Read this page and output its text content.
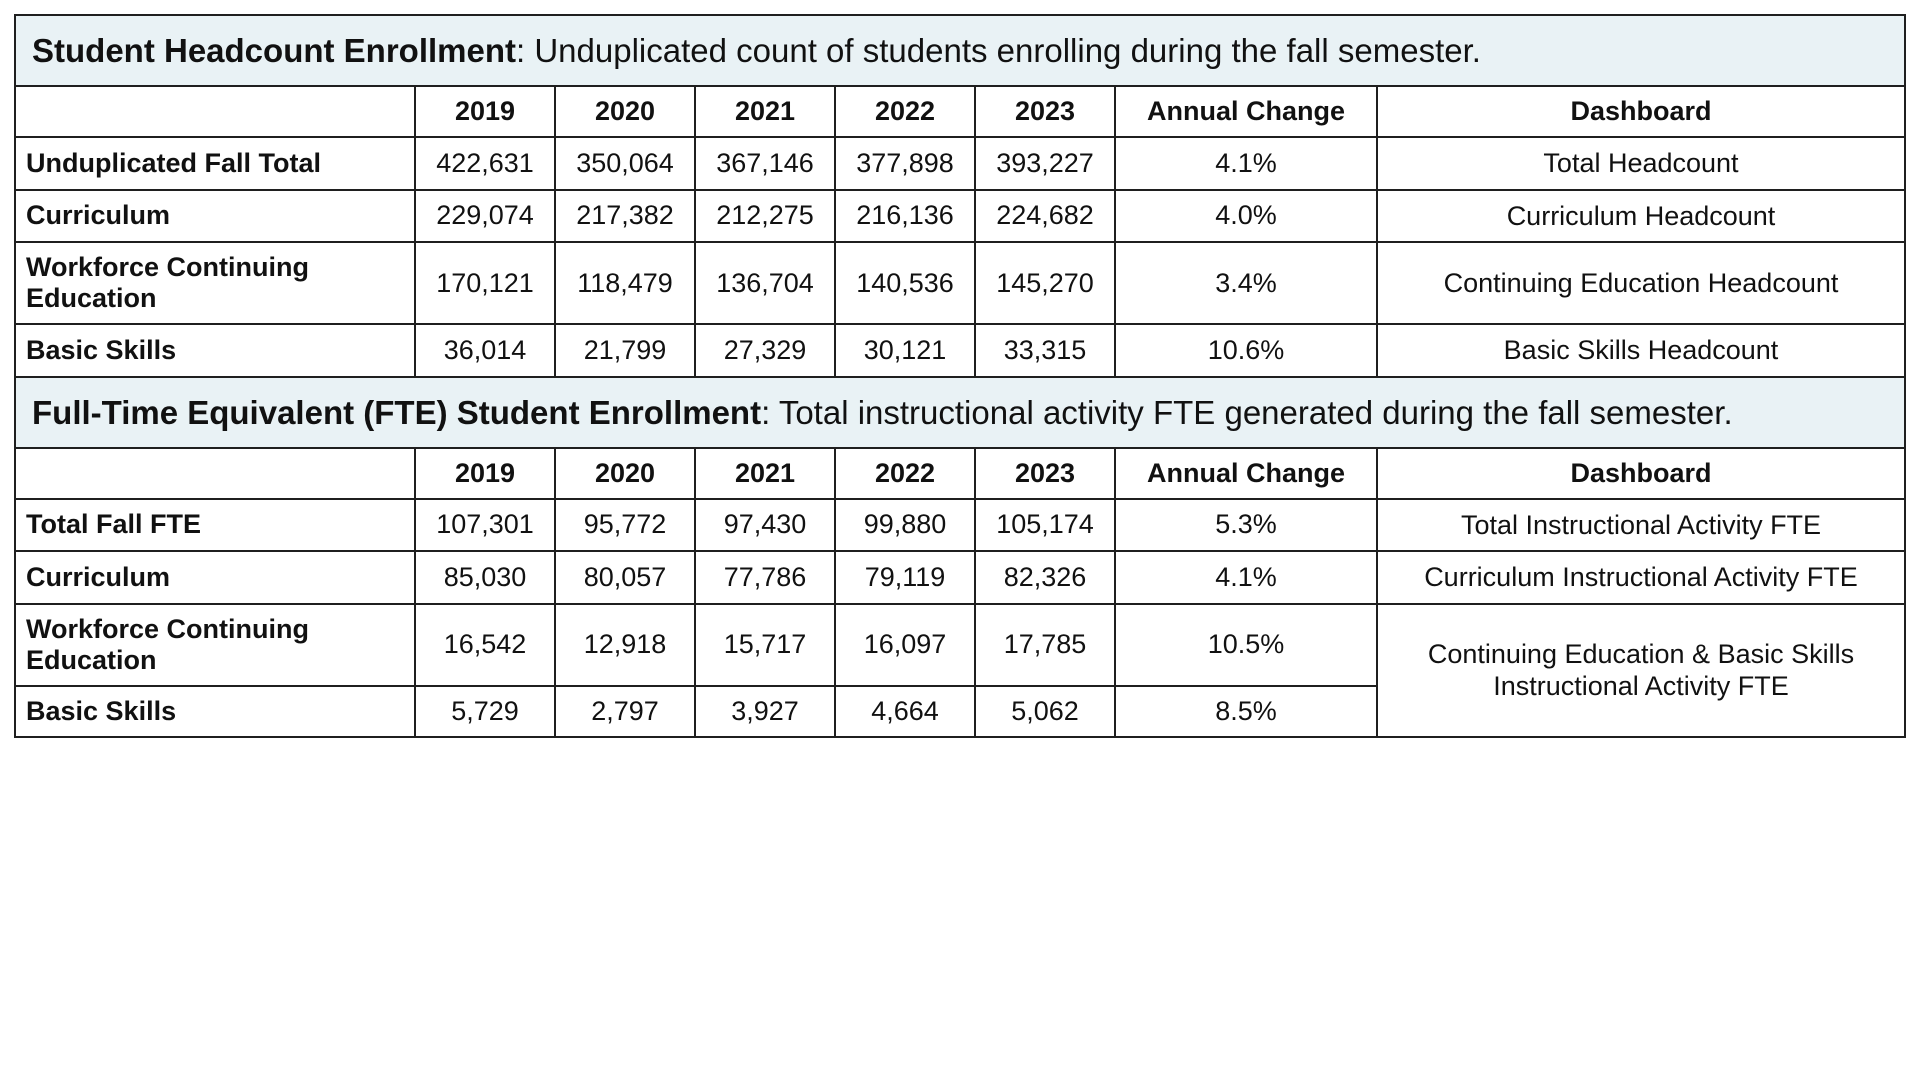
Student Headcount Enrollment: Unduplicated count of students enrolling during the fall semester.							
	2019	2020	2021	2022	2023	Annual Change	Dashboard
Unduplicated Fall Total	422,631	350,064	367,146	377,898	393,227	4.1%	Total Headcount
Curriculum	229,074	217,382	212,275	216,136	224,682	4.0%	Curriculum Headcount
Workforce Continuing Education	170,121	118,479	136,704	140,536	145,270	3.4%	Continuing Education Headcount
Basic Skills	36,014	21,799	27,329	30,121	33,315	10.6%	Basic Skills Headcount
Full-Time Equivalent (FTE) Student Enrollment: Total instructional activity FTE generated during the fall semester.							
	2019	2020	2021	2022	2023	Annual Change	Dashboard
Total Fall FTE	107,301	95,772	97,430	99,880	105,174	5.3%	Total Instructional Activity FTE
Curriculum	85,030	80,057	77,786	79,119	82,326	4.1%	Curriculum Instructional Activity FTE
Workforce Continuing Education	16,542	12,918	15,717	16,097	17,785	10.5%	Continuing Education & Basic Skills Instructional Activity FTE
Basic Skills	5,729	2,797	3,927	4,664	5,062	8.5%	
